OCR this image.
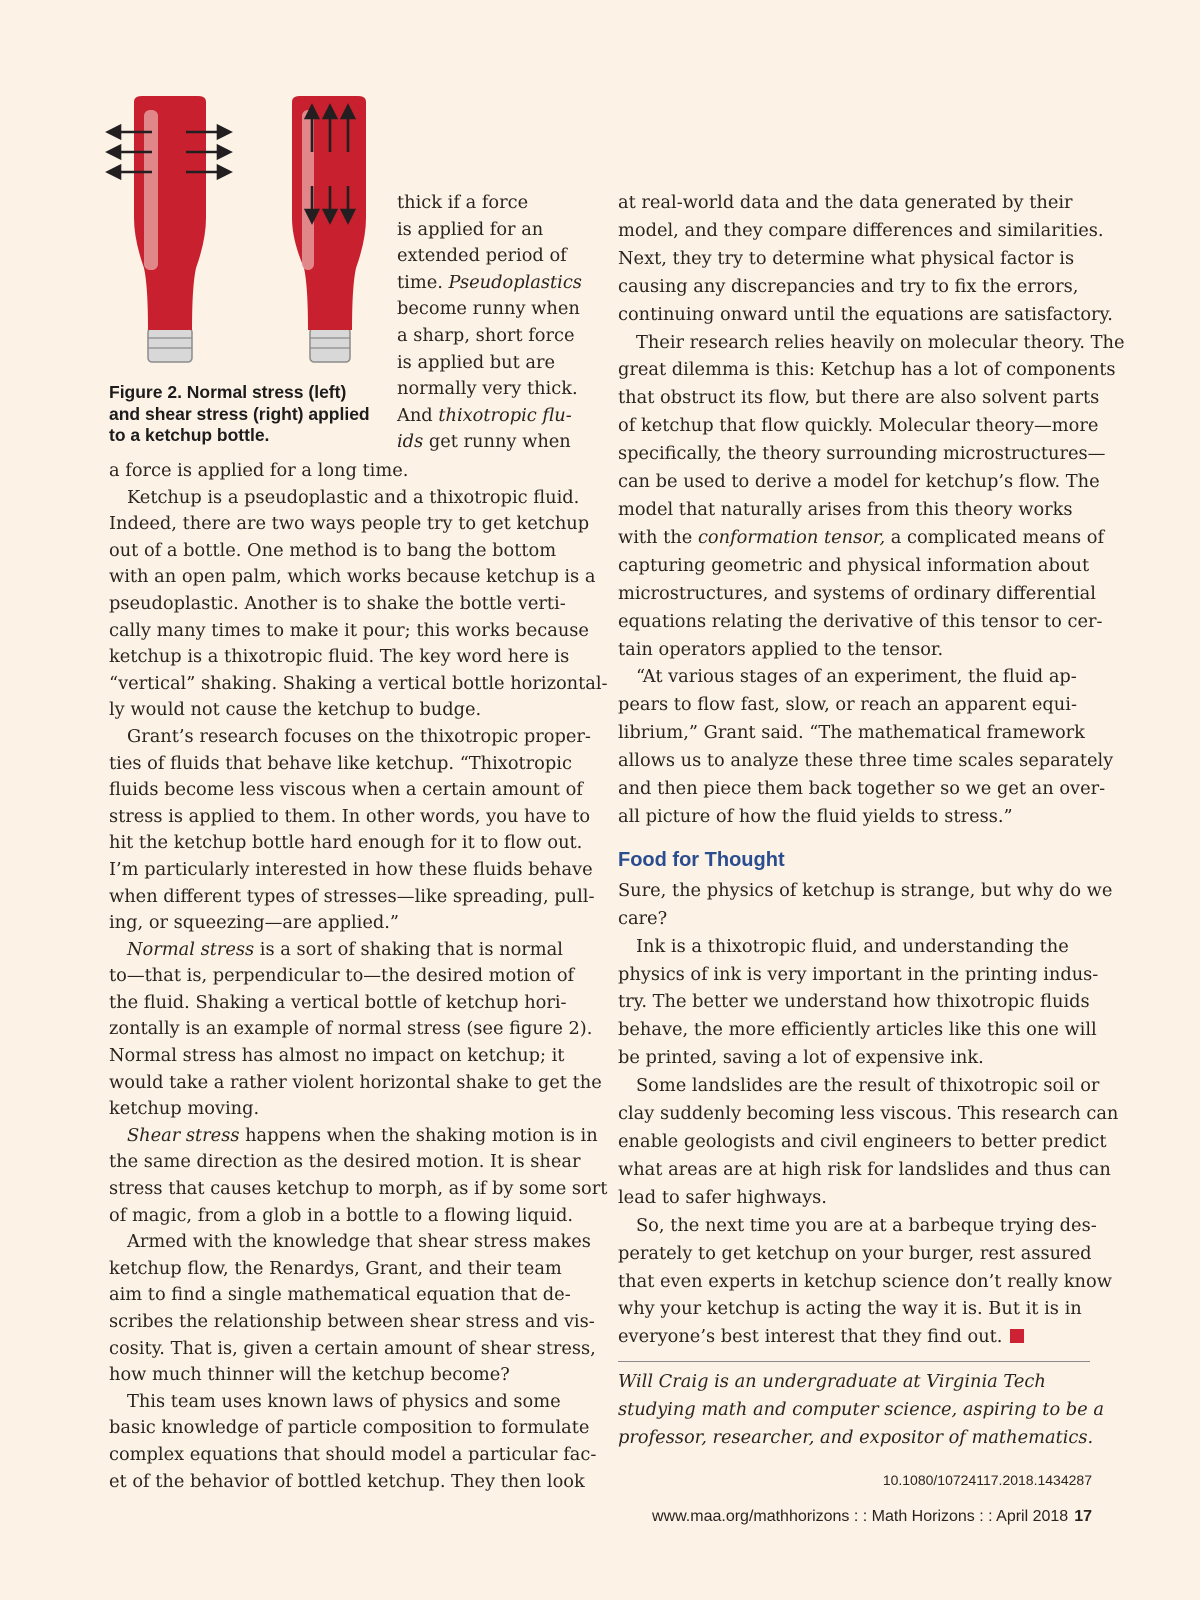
Figure 2. Normal stress (left) and shear stress (right) applied to a ketchup bottle.

thick if a force
is applied for an
extended period of
time. Pseudoplastics
become runny when
a sharp, short force
is applied but are
normally very thick.
And thixotropic flu-
ids get runny when
a force is applied for a long time.
Ketchup is a pseudoplastic and a thixotropic fluid.
Indeed, there are two ways people try to get ketchup
out of a bottle. One method is to bang the bottom
with an open palm, which works because ketchup is a
pseudoplastic. Another is to shake the bottle verti-
cally many times to make it pour; this works because
ketchup is a thixotropic fluid. The key word here is
“vertical” shaking. Shaking a vertical bottle horizontal-
ly would not cause the ketchup to budge.
Grant’s research focuses on the thixotropic proper-
ties of fluids that behave like ketchup. “Thixotropic
fluids become less viscous when a certain amount of
stress is applied to them. In other words, you have to
hit the ketchup bottle hard enough for it to flow out.
I’m particularly interested in how these fluids behave
when different types of stresses—like spreading, pull-
ing, or squeezing—are applied.”
Normal stress is a sort of shaking that is normal
to—that is, perpendicular to—the desired motion of
the fluid. Shaking a vertical bottle of ketchup hori-
zontally is an example of normal stress (see figure 2).
Normal stress has almost no impact on ketchup; it
would take a rather violent horizontal shake to get the
ketchup moving.
Shear stress happens when the shaking motion is in
the same direction as the desired motion. It is shear
stress that causes ketchup to morph, as if by some sort
of magic, from a glob in a bottle to a flowing liquid.
Armed with the knowledge that shear stress makes
ketchup flow, the Renardys, Grant, and their team
aim to find a single mathematical equation that de-
scribes the relationship between shear stress and vis-
cosity. That is, given a certain amount of shear stress,
how much thinner will the ketchup become?
This team uses known laws of physics and some
basic knowledge of particle composition to formulate
complex equations that should model a particular fac-
et of the behavior of bottled ketchup. They then look
at real-world data and the data generated by their
model, and they compare differences and similarities.
Next, they try to determine what physical factor is
causing any discrepancies and try to fix the errors,
continuing onward until the equations are satisfactory.
Their research relies heavily on molecular theory. The
great dilemma is this: Ketchup has a lot of components
that obstruct its flow, but there are also solvent parts
of ketchup that flow quickly. Molecular theory—more
specifically, the theory surrounding microstructures—
can be used to derive a model for ketchup’s flow. The
model that naturally arises from this theory works
with the conformation tensor, a complicated means of
capturing geometric and physical information about
microstructures, and systems of ordinary differential
equations relating the derivative of this tensor to cer-
tain operators applied to the tensor.
“At various stages of an experiment, the fluid ap-
pears to flow fast, slow, or reach an apparent equi-
librium,” Grant said. “The mathematical framework
allows us to analyze these three time scales separately
and then piece them back together so we get an over-
all picture of how the fluid yields to stress.”
Food for Thought
Sure, the physics of ketchup is strange, but why do we
care?
Ink is a thixotropic fluid, and understanding the
physics of ink is very important in the printing indus-
try. The better we understand how thixotropic fluids
behave, the more efficiently articles like this one will
be printed, saving a lot of expensive ink.
Some landslides are the result of thixotropic soil or
clay suddenly becoming less viscous. This research can
enable geologists and civil engineers to better predict
what areas are at high risk for landslides and thus can
lead to safer highways.
So, the next time you are at a barbeque trying des-
perately to get ketchup on your burger, rest assured
that even experts in ketchup science don’t really know
why your ketchup is acting the way it is. But it is in
everyone’s best interest that they find out.
Will Craig is an undergraduate at Virginia Tech
studying math and computer science, aspiring to be a
professor, researcher, and expositor of mathematics.
10.1080/10724117.2018.1434287
www.maa.org/mathhorizons : : Math Horizons : : April 2018 17
